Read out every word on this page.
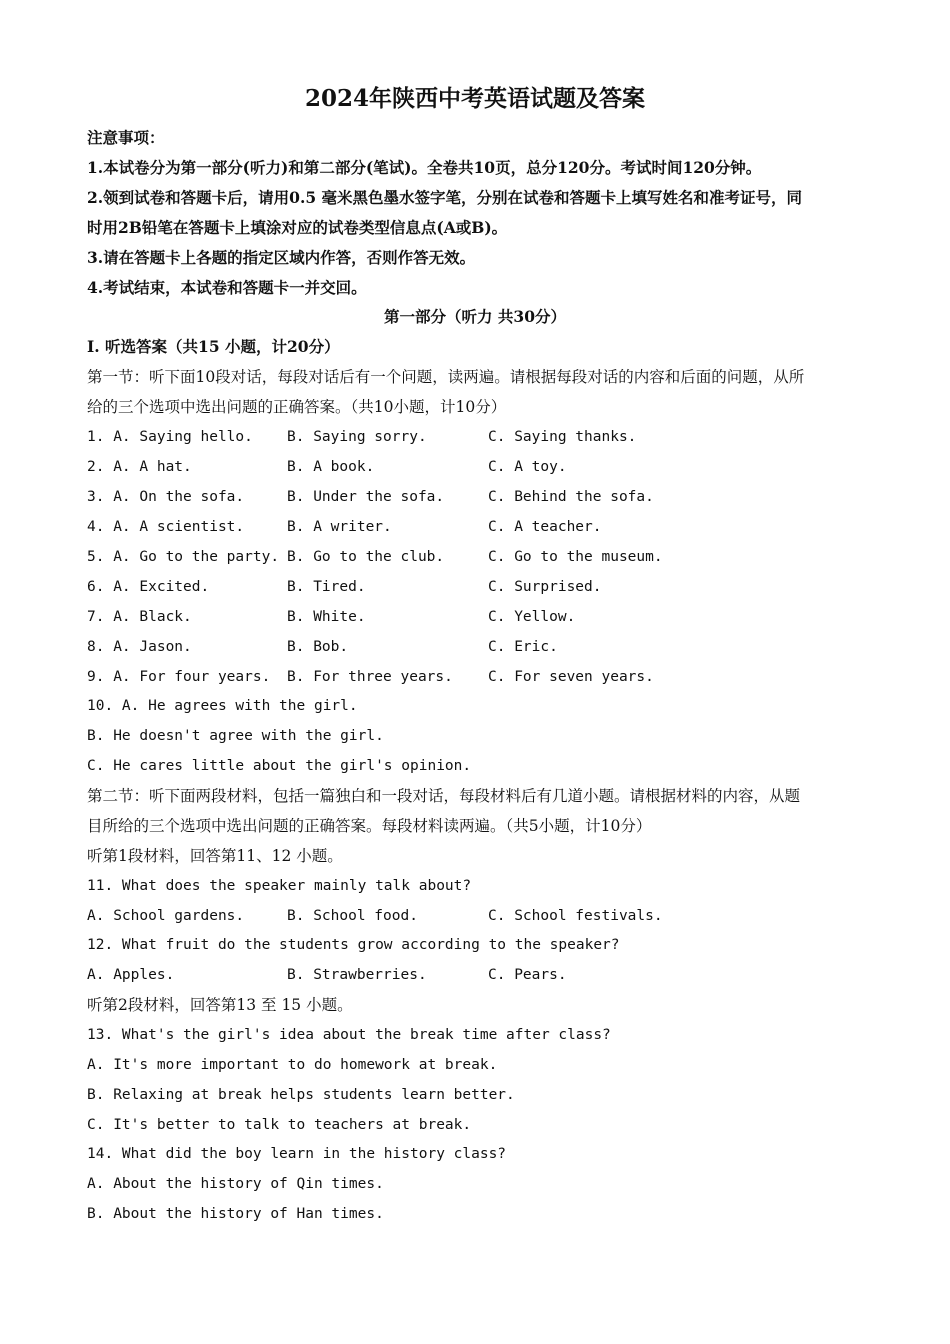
2024年陕西中考英语试题及答案
注意事项：
1.本试卷分为第一部分(听力)和第二部分(笔试)。全卷共10页，总分120分。考试时间120分钟。
2.领到试卷和答题卡后，请用0.5 毫米黑色墨水签字笔，分别在试卷和答题卡上填写姓名和准考证号，同
时用2B铅笔在答题卡上填涂对应的试卷类型信息点(A或B)。
3.请在答题卡上各题的指定区域内作答，否则作答无效。
4.考试结束，本试卷和答题卡一并交回。
第一部分（听力 共30分）
Ⅰ. 听选答案（共15 小题，计20分）
第一节：听下面10段对话，每段对话后有一个问题，读两遍。请根据每段对话的内容和后面的问题，从所
给的三个选项中选出问题的正确答案。（共10小题，计10分）
1. A. Saying hello. B. Saying sorry.	C. Saying thanks.
2. A. A hat.	B. A book.	C. A toy.
3. A. On the sofa.	B. Under the sofa.	C. Behind the sofa.
4. A. A scientist.	B. A writer.	C. A teacher.
5. A. Go to the party. B. Go to the club.	C. Go to the museum.
6. A. Excited.	B. Tired.	C. Surprised.
7. A. Black.	B. White.	C. Yellow.
8. A. Jason.	B. Bob.	C. Eric.
9. A. For four years. B. For three years. C. For seven years.
10. A. He agrees with the girl.
B. He doesn't agree with the girl.
C. He cares little about the girl's opinion.
第二节：听下面两段材料，包括一篇独白和一段对话，每段材料后有几道小题。请根据材料的内容，从题
目所给的三个选项中选出问题的正确答案。每段材料读两遍。（共5小题，计10分）
听第1段材料，回答第11、12 小题。
11. What does the speaker mainly talk about?
A. School gardens.	B. School food.	C. School festivals.
12. What fruit do the students grow according to the speaker?
A. Apples.	B. Strawberries.	C. Pears.
听第2段材料，回答第13 至 15 小题。
13. What's the girl's idea about the break time after class?
A. It's more important to do homework at break.
B. Relaxing at break helps students learn better.
C. It's better to talk to teachers at break.
14. What did the boy learn in the history class?
A. About the history of Qin times.
B. About the history of Han times.
